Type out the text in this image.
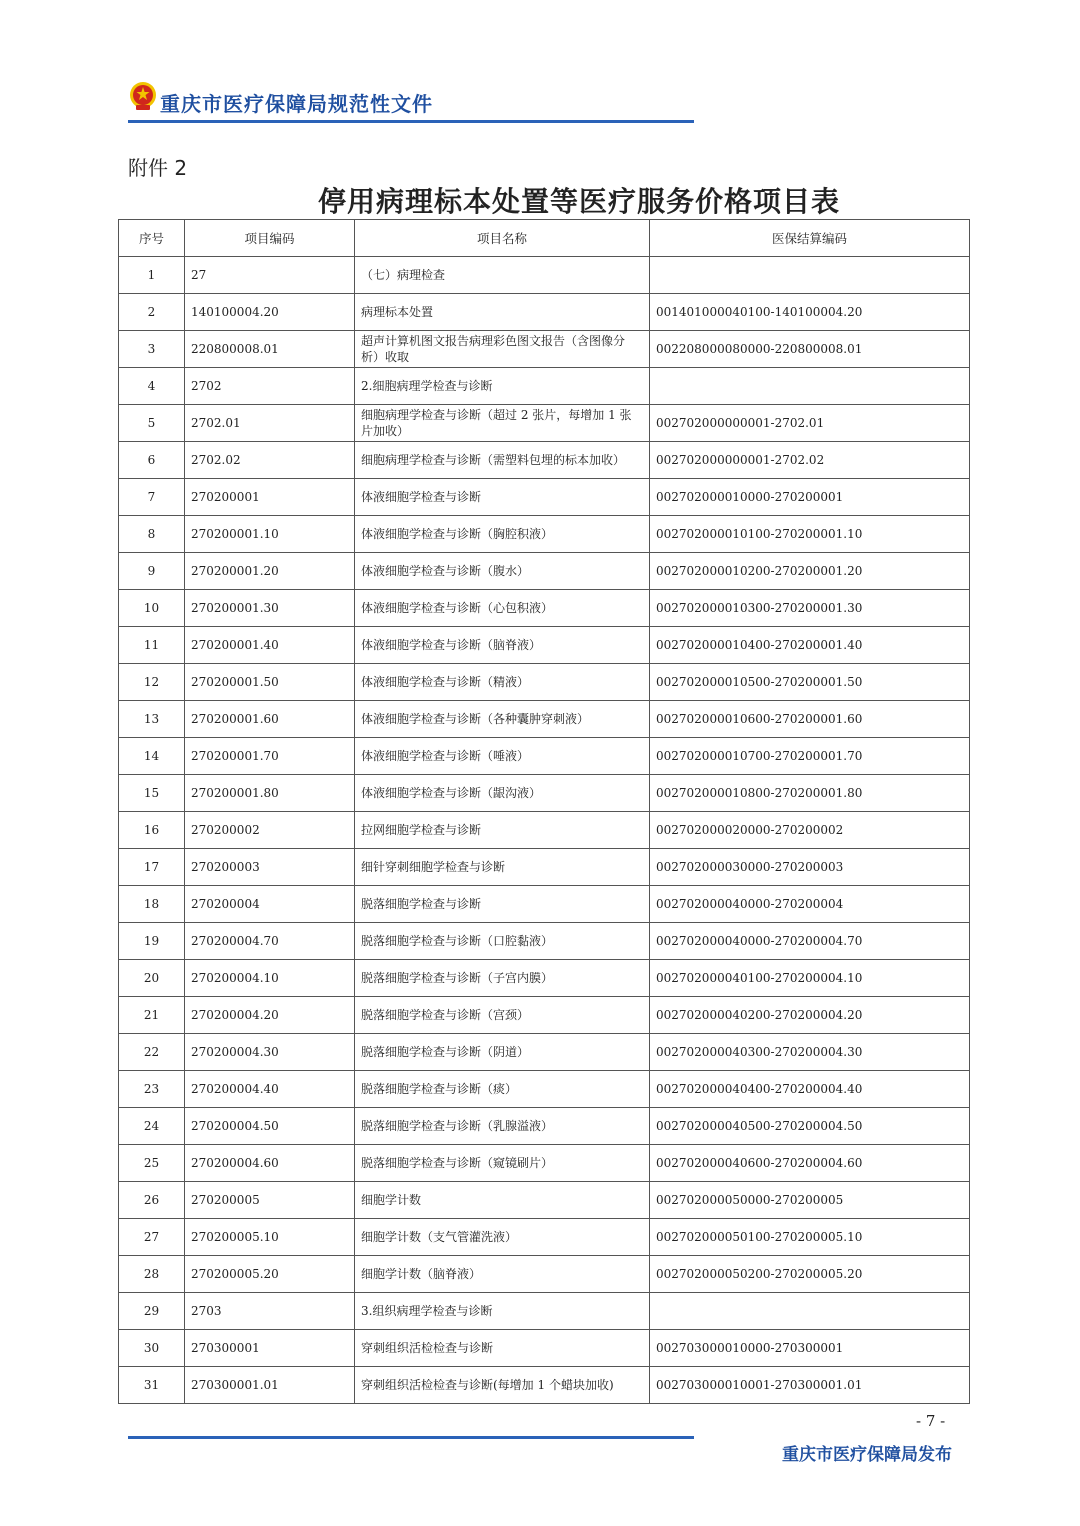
重庆市医疗保障局规范性文件
附件 2
停用病理标本处置等医疗服务价格项目表
序号	项目编码	项目名称	医保结算编码
1	27	（七）病理检查	
2	140100004.20	病理标本处置	001401000040100-140100004.20
3	220800008.01	超声计算机图文报告病理彩色图文报告（含图像分析）收取	002208000080000-220800008.01
4	2702	2.细胞病理学检查与诊断	
5	2702.01	细胞病理学检查与诊断（超过 2 张片，每增加 1 张片加收）	002702000000001-2702.01
6	2702.02	细胞病理学检查与诊断（需塑料包埋的标本加收）	002702000000001-2702.02
7	270200001	体液细胞学检查与诊断	002702000010000-270200001
8	270200001.10	体液细胞学检查与诊断（胸腔积液）	002702000010100-270200001.10
9	270200001.20	体液细胞学检查与诊断（腹水）	002702000010200-270200001.20
10	270200001.30	体液细胞学检查与诊断（心包积液）	002702000010300-270200001.30
11	270200001.40	体液细胞学检查与诊断（脑脊液）	002702000010400-270200001.40
12	270200001.50	体液细胞学检查与诊断（精液）	002702000010500-270200001.50
13	270200001.60	体液细胞学检查与诊断（各种囊肿穿刺液）	002702000010600-270200001.60
14	270200001.70	体液细胞学检查与诊断（唾液）	002702000010700-270200001.70
15	270200001.80	体液细胞学检查与诊断（龈沟液）	002702000010800-270200001.80
16	270200002	拉网细胞学检查与诊断	002702000020000-270200002
17	270200003	细针穿刺细胞学检查与诊断	002702000030000-270200003
18	270200004	脱落细胞学检查与诊断	002702000040000-270200004
19	270200004.70	脱落细胞学检查与诊断（口腔黏液）	002702000040000-270200004.70
20	270200004.10	脱落细胞学检查与诊断（子宫内膜）	002702000040100-270200004.10
21	270200004.20	脱落细胞学检查与诊断（宫颈）	002702000040200-270200004.20
22	270200004.30	脱落细胞学检查与诊断（阴道）	002702000040300-270200004.30
23	270200004.40	脱落细胞学检查与诊断（痰）	002702000040400-270200004.40
24	270200004.50	脱落细胞学检查与诊断（乳腺溢液）	002702000040500-270200004.50
25	270200004.60	脱落细胞学检查与诊断（窥镜刷片）	002702000040600-270200004.60
26	270200005	细胞学计数	002702000050000-270200005
27	270200005.10	细胞学计数（支气管灌洗液）	002702000050100-270200005.10
28	270200005.20	细胞学计数（脑脊液）	002702000050200-270200005.20
29	2703	3.组织病理学检查与诊断	
30	270300001	穿刺组织活检检查与诊断	002703000010000-270300001
31	270300001.01	穿刺组织活检检查与诊断(每增加 1 个蜡块加收)	002703000010001-270300001.01
- 7 -
重庆市医疗保障局发布
